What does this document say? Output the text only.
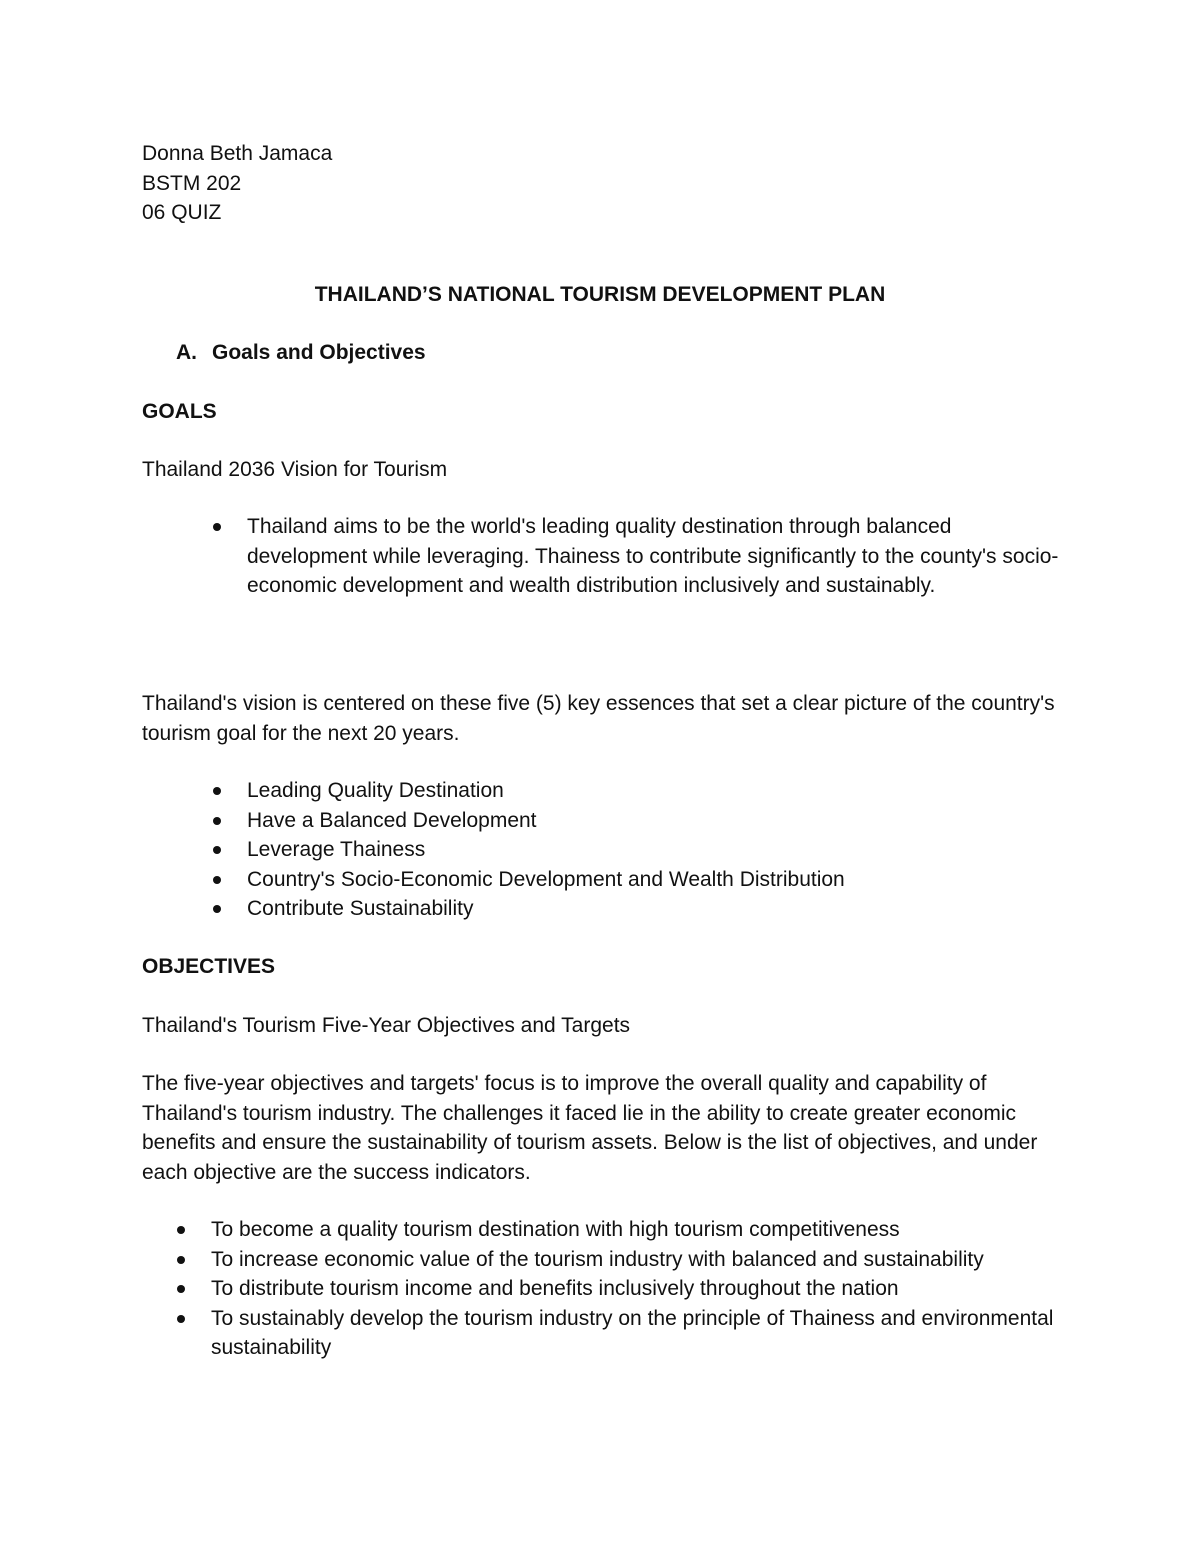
Donna Beth Jamaca

BSTM 202

06 QUIZ

THAILAND’S NATIONAL TOURISM DEVELOPMENT PLAN
A. Goals and Objectives
GOALS

Thailand 2036 Vision for Tourism

Thailand aims to be the world's leading quality destination through balanced development while leveraging. Thainess to contribute significantly to the county's socio-economic development and wealth distribution inclusively and sustainably.

Thailand's vision is centered on these five (5) key essences that set a clear picture of the country's tourism goal for the next 20 years.

Leading Quality Destination
Have a Balanced Development
Leverage Thainess
Country's Socio-Economic Development and Wealth Distribution
Contribute Sustainability
OBJECTIVES

Thailand's Tourism Five-Year Objectives and Targets

The five-year objectives and targets' focus is to improve the overall quality and capability of Thailand's tourism industry. The challenges it faced lie in the ability to create greater economic benefits and ensure the sustainability of tourism assets. Below is the list of objectives, and under each objective are the success indicators.

To become a quality tourism destination with high tourism competitiveness
To increase economic value of the tourism industry with balanced and sustainability
To distribute tourism income and benefits inclusively throughout the nation
To sustainably develop the tourism industry on the principle of Thainess and environmental sustainability
